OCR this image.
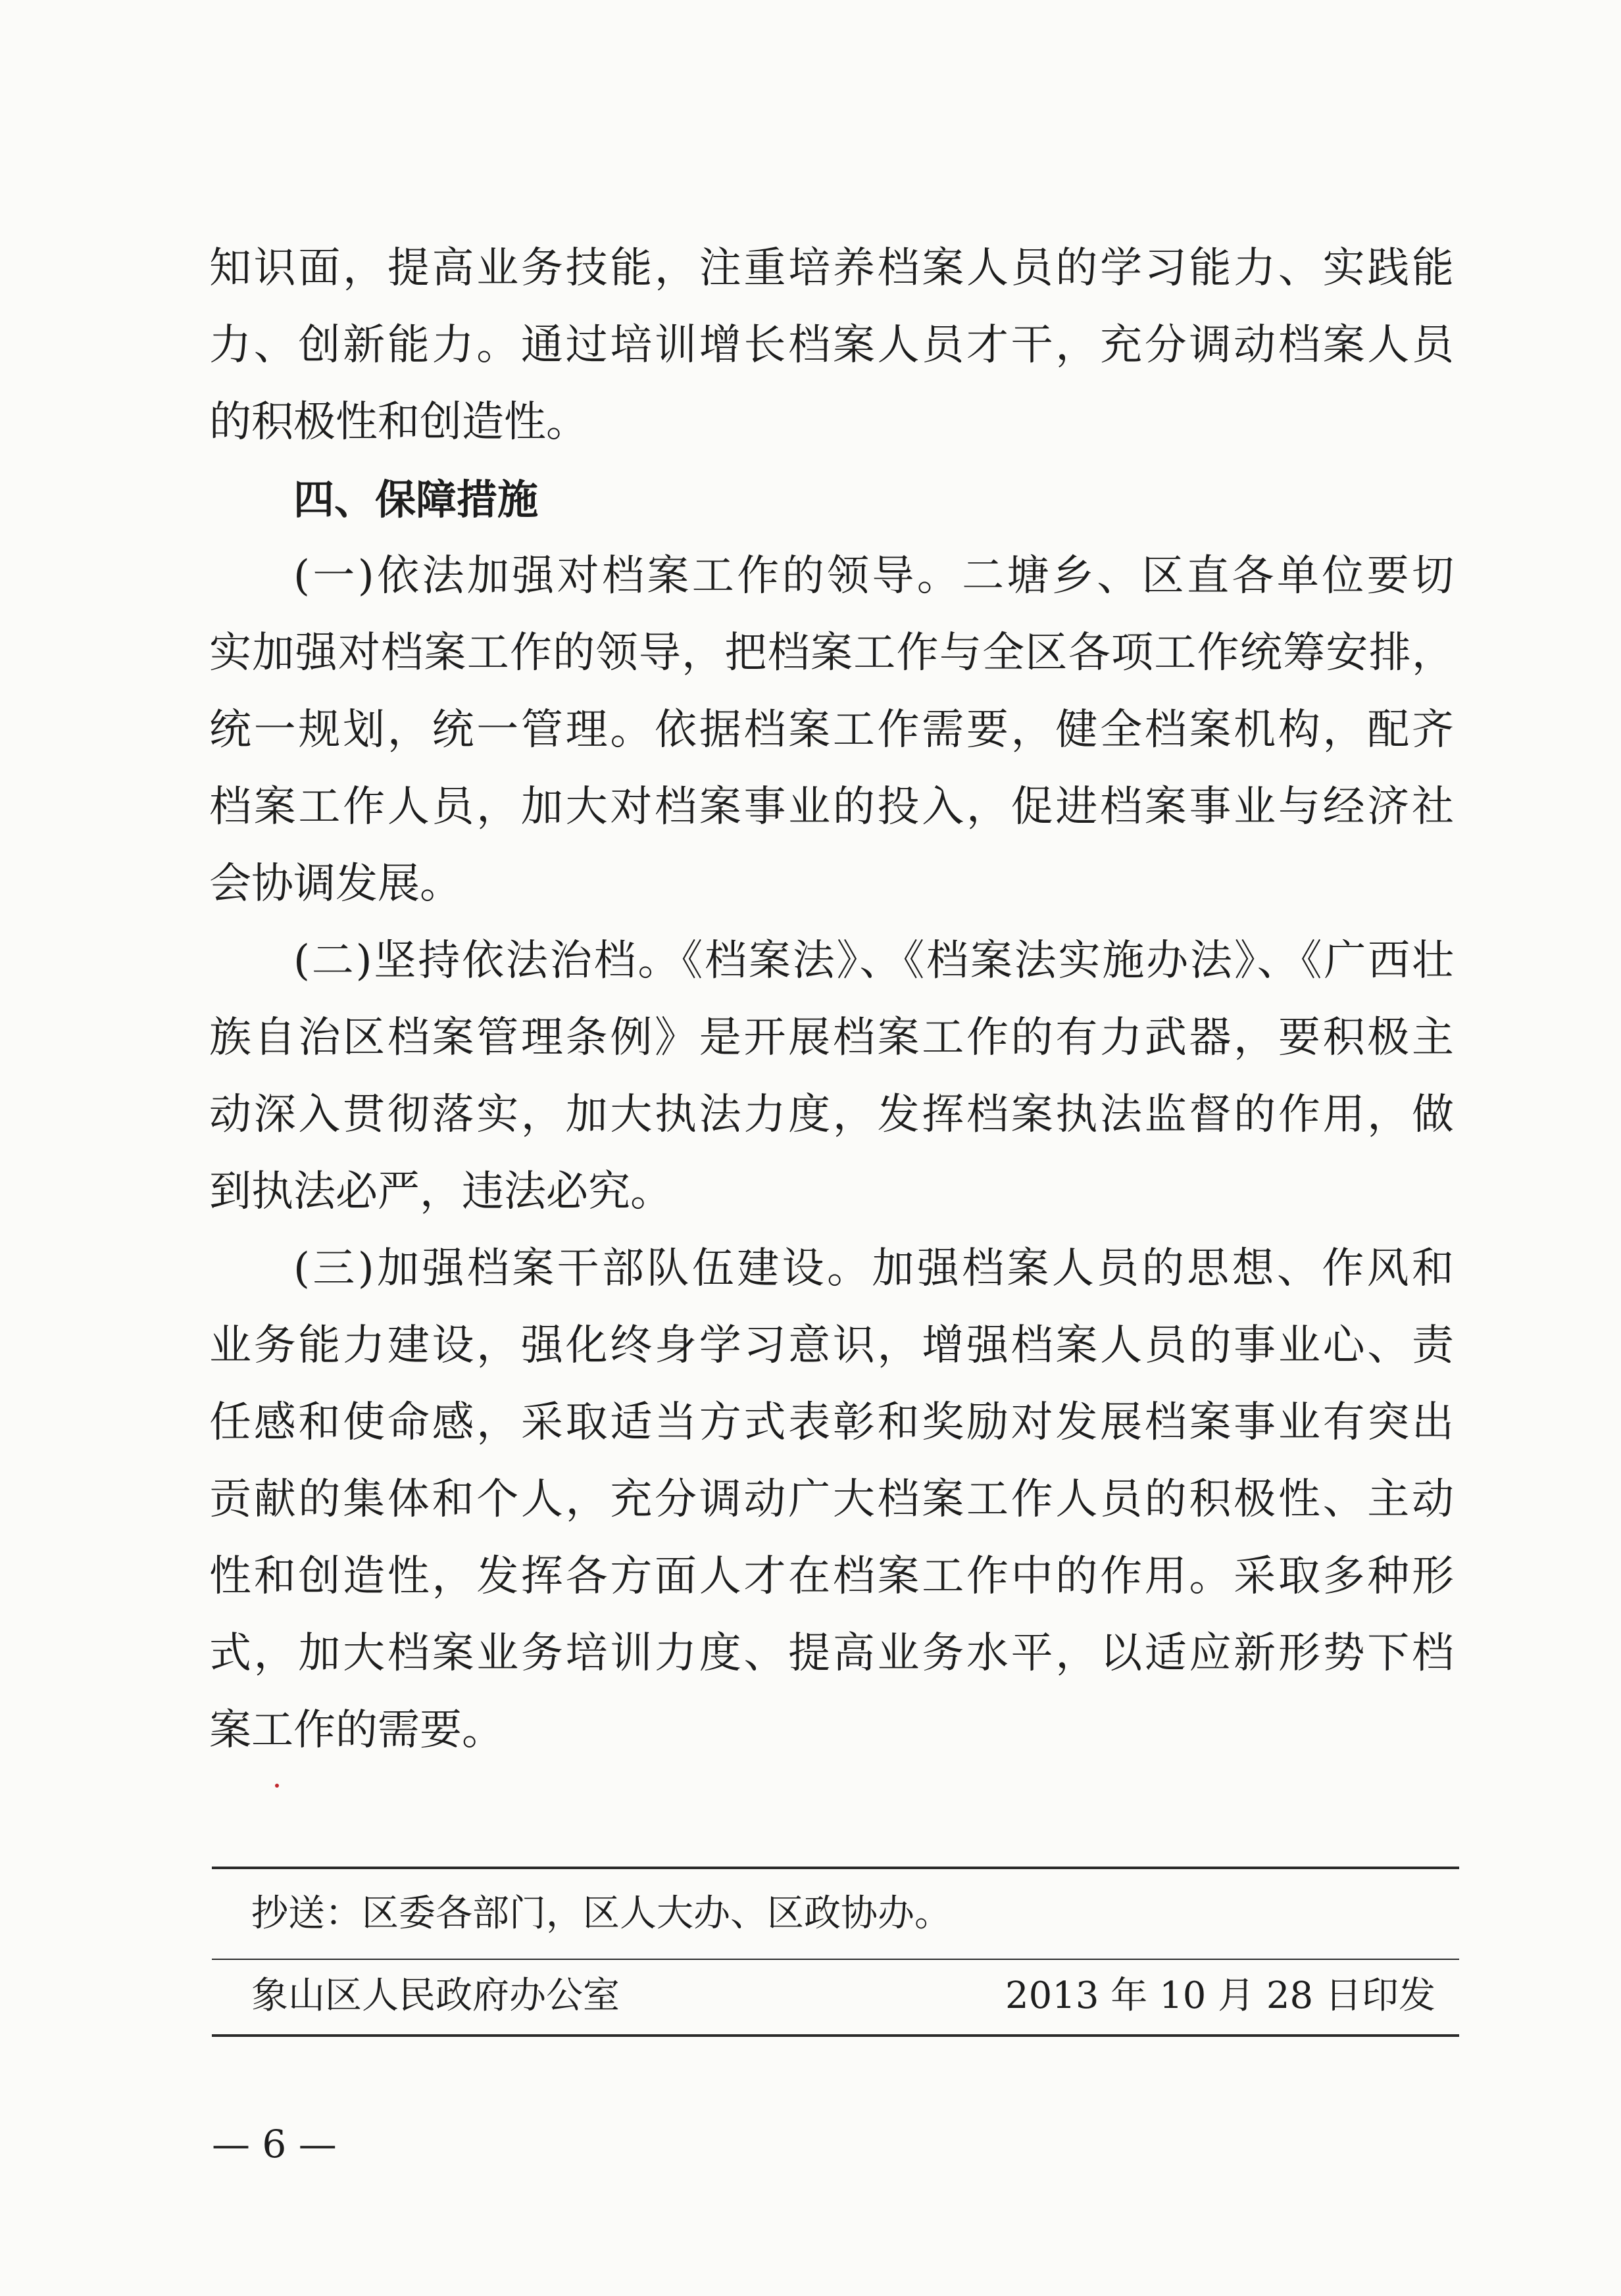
知识面，提高业务技能，注重培养档案人员的学习能力、实践能
力、创新能力。通过培训增长档案人员才干，充分调动档案人员
的积极性和创造性。
四、保障措施
(一)依法加强对档案工作的领导。二塘乡、区直各单位要切
实加强对档案工作的领导，把档案工作与全区各项工作统筹安排，
统一规划，统一管理。依据档案工作需要，健全档案机构，配齐
档案工作人员，加大对档案事业的投入，促进档案事业与经济社
会协调发展。
(二)坚持依法治档。《档案法》、《档案法实施办法》、《广西壮
族自治区档案管理条例》是开展档案工作的有力武器，要积极主
动深入贯彻落实，加大执法力度，发挥档案执法监督的作用，做
到执法必严，违法必究。
(三)加强档案干部队伍建设。加强档案人员的思想、作风和
业务能力建设，强化终身学习意识，增强档案人员的事业心、责
任感和使命感，采取适当方式表彰和奖励对发展档案事业有突出
贡献的集体和个人，充分调动广大档案工作人员的积极性、主动
性和创造性，发挥各方面人才在档案工作中的作用。采取多种形
式，加大档案业务培训力度、提高业务水平，以适应新形势下档
案工作的需要。
抄送：区委各部门，区人大办、区政协办。
象山区人民政府办公室	2013 年 10 月 28 日印发
— 6 —
